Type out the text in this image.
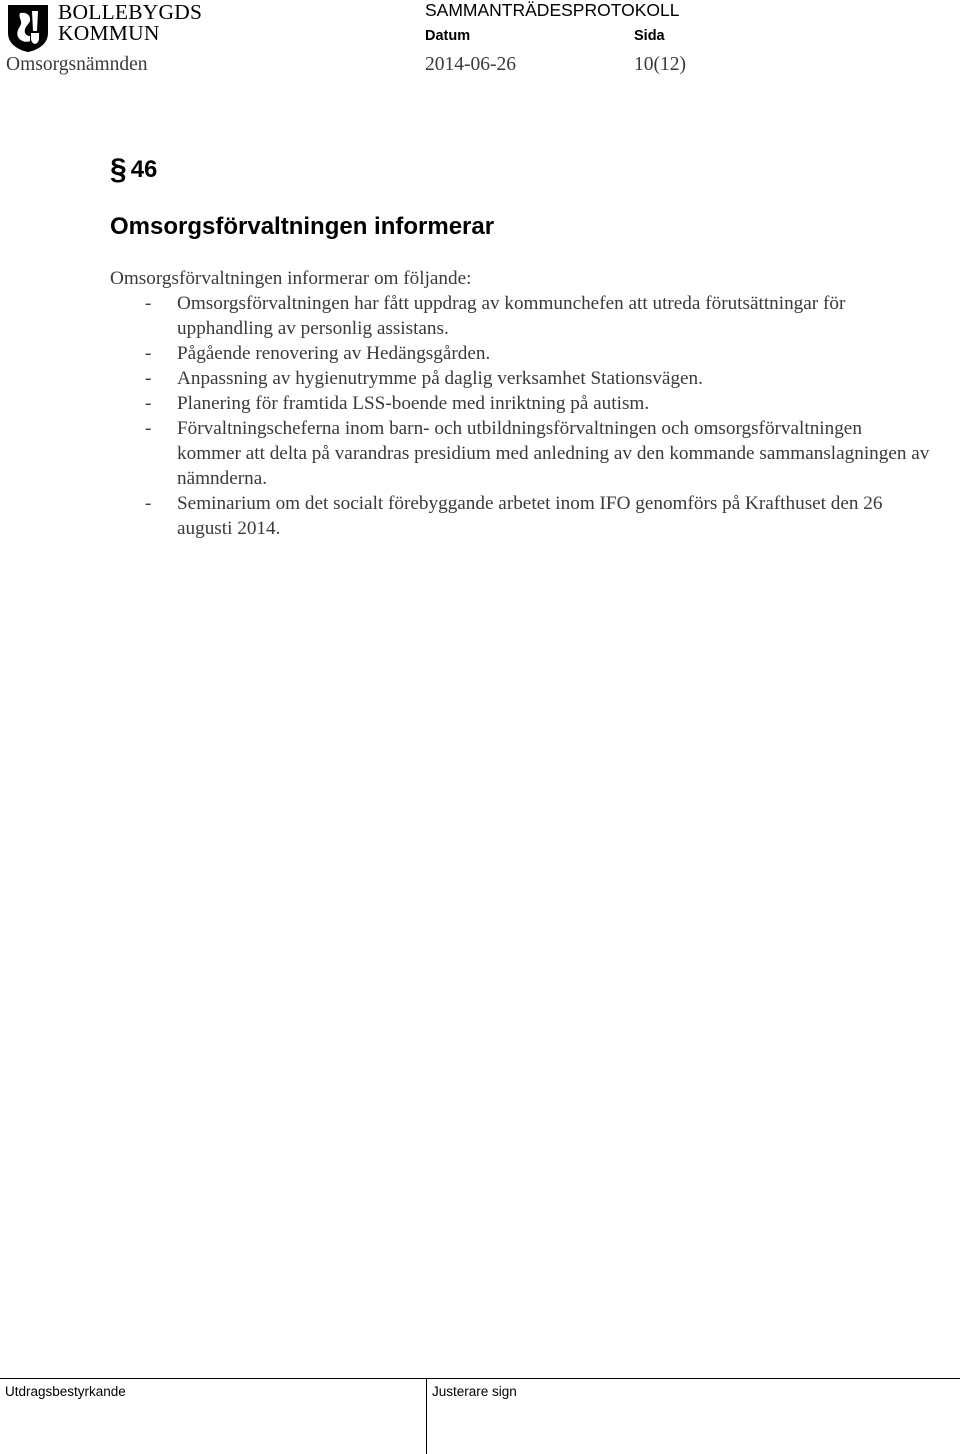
BOLLEBYGDS
KOMMUN
SAMMANTRÄDESPROTOKOLL
Datum	Sida
Omsorgsnämnden	2014-06-26	10(12)
§ 46
Omsorgsförvaltningen informerar
Omsorgsförvaltningen informerar om följande:
- Omsorgsförvaltningen har fått uppdrag av kommunchefen att utreda förutsättningar för upphandling av personlig assistans.
- Pågående renovering av Hedängsgården.
- Anpassning av hygienutrymme på daglig verksamhet Stationsvägen.
- Planering för framtida LSS-boende med inriktning på autism.
- Förvaltningscheferna inom barn- och utbildningsförvaltningen och omsorgsförvaltningen kommer att delta på varandras presidium med anledning av den kommande sammanslagningen av nämnderna.
- Seminarium om det socialt förebyggande arbetet inom IFO genomförs på Krafthuset den 26 augusti 2014.
Utdragsbestyrkande	Justerare sign
